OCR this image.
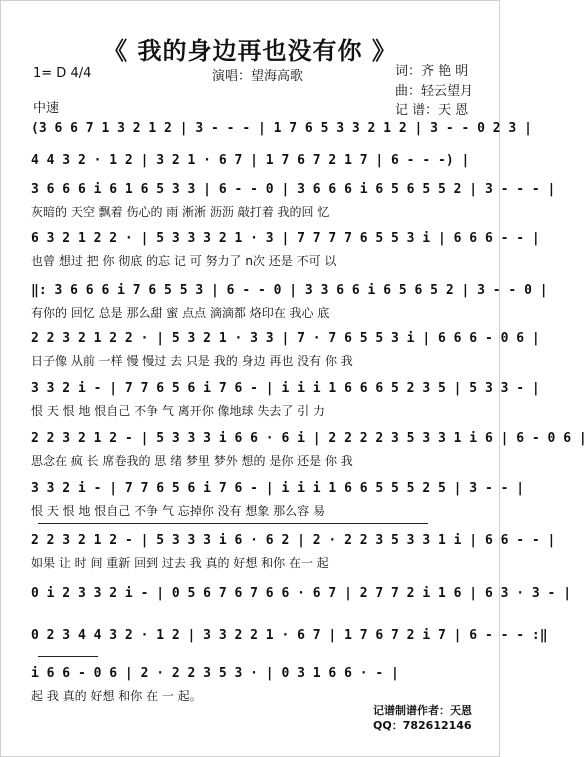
《 我的身边再也没有你 》
1= D 4/4	演唱：望海高歌	词：齐 艳 明
曲：轻云望月
记 谱：天 恩
中速
(3 6 6 7 1 3 2 1 2 | 3 - - - | 1 7 6 5 3 3 2 1 2 | 3 - - 0 2 3 |
4 4 3 2 · 1 2 | 3 2 1 · 6 7 | 1 7 6 7 2 1 7 | 6 - - -) |
3 6 6 6 i 6 1 6 5 3 3 | 6 - - 0 | 3 6 6 6 i 6 5 6 5 5 2 | 3 - - - |
灰暗的 天空 飘着 伤心的 雨 淅淅 沥沥 敲打着 我的回 忆
6 3 2 1 2 2 · | 5 3 3 3 2 1 · 3 | 7 7 7 7 6 5 5 3 i | 6 6 6 - - |
也曾 想过 把 你 彻底 的忘 记 可 努力了 n次 还是 不可 以
‖: 3 6 6 6 i 7 6 5 5 3 | 6 - - 0 | 3 3 6 6 i 6 5 6 5 2 | 3 - - 0 |
有你的 回忆 总是 那么甜 蜜 点点 滴滴都 烙印在 我心 底
2 2 3 2 1 2 2 · | 5 3 2 1 · 3 3 | 7 · 7 6 5 5 3 i | 6 6 6 - 0 6 |
日子像 从前 一样 慢 慢过 去 只是 我的 身边 再也 没有 你 我
3 3 2 i - | 7 7 6 5 6 i 7 6 - | i i i 1 6 6 6 5 2 3 5 | 5 3 3 - |
恨 天 恨 地 恨自己 不争 气 离开你 像地球 失去了 引 力
2 2 3 2 1 2 - | 5 3 3 3 i 6 6 · 6 i | 2 2 2 2 3 5 3 3 1 i 6 | 6 - 0 6 |
思念在 疯 长 席卷我的 思 绪 梦里 梦外 想的 是你 还是 你 我
3 3 2 i - | 7 7 6 5 6 i 7 6 - | i i i 1 6 6 5 5 5 2 5 | 3 - - |
恨 天 恨 地 恨自己 不争 气 忘掉你 没有 想象 那么容 易
2 2 3 2 1 2 - | 5 3 3 3 i 6 · 6 2 | 2 · 2 2 3 5 3 3 1 i | 6 6 - - |
如果 让 时 间 重新 回到 过去 我 真的 好想 和你 在一 起
0 i 2 3 3 2 i - | 0 5 6 7 6 7 6 6 · 6 7 | 2 7 7 2 i 1 6 | 6 3 · 3 - |
0 2 3 4 4 3 2 · 1 2 | 3 3 2 2 1 · 6 7 | 1 7 6 7 2 i 7 | 6 - - - :‖
i 6 6 - 0 6 | 2 · 2 2 3 5 3 · | 0 3 1 6 6 · - |
起 我 真的 好想 和你 在 一 起。
记谱制谱作者：天恩
QQ：782612146
